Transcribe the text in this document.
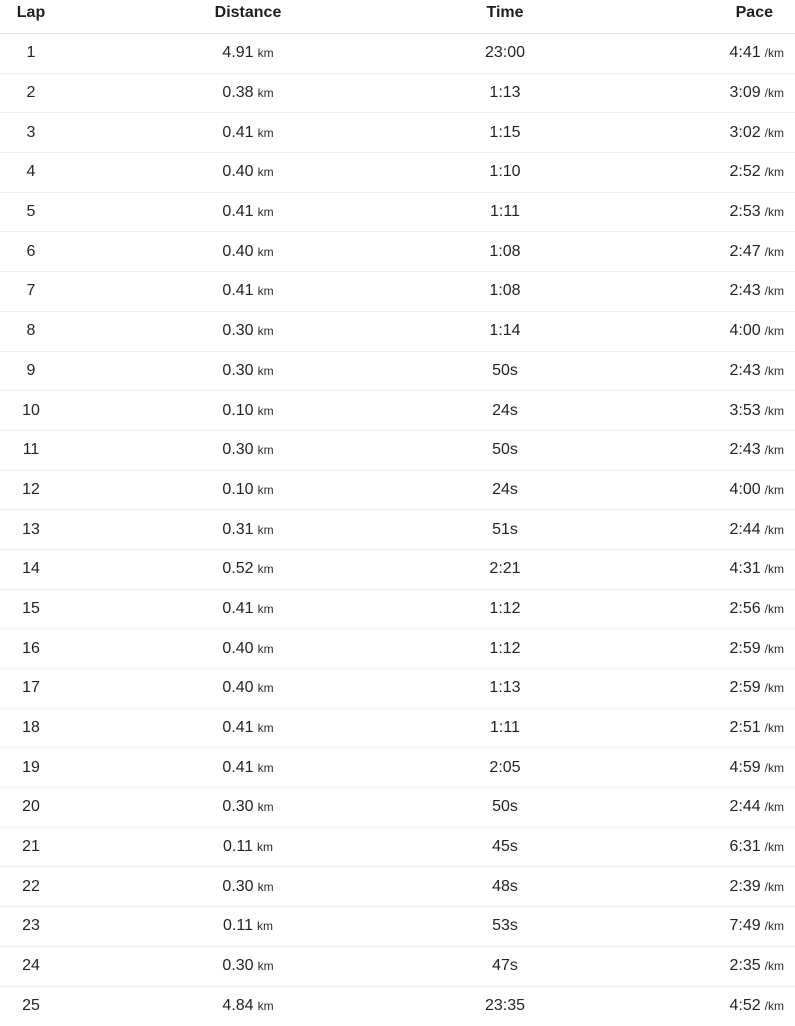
Lap	Distance	Time	Pace
1	4.91 km	23:00	4:41 /km
2	0.38 km	1:13	3:09 /km
3	0.41 km	1:15	3:02 /km
4	0.40 km	1:10	2:52 /km
5	0.41 km	1:11	2:53 /km
6	0.40 km	1:08	2:47 /km
7	0.41 km	1:08	2:43 /km
8	0.30 km	1:14	4:00 /km
9	0.30 km	50s	2:43 /km
10	0.10 km	24s	3:53 /km
11	0.30 km	50s	2:43 /km
12	0.10 km	24s	4:00 /km
13	0.31 km	51s	2:44 /km
14	0.52 km	2:21	4:31 /km
15	0.41 km	1:12	2:56 /km
16	0.40 km	1:12	2:59 /km
17	0.40 km	1:13	2:59 /km
18	0.41 km	1:11	2:51 /km
19	0.41 km	2:05	4:59 /km
20	0.30 km	50s	2:44 /km
21	0.11 km	45s	6:31 /km
22	0.30 km	48s	2:39 /km
23	0.11 km	53s	7:49 /km
24	0.30 km	47s	2:35 /km
25	4.84 km	23:35	4:52 /km
